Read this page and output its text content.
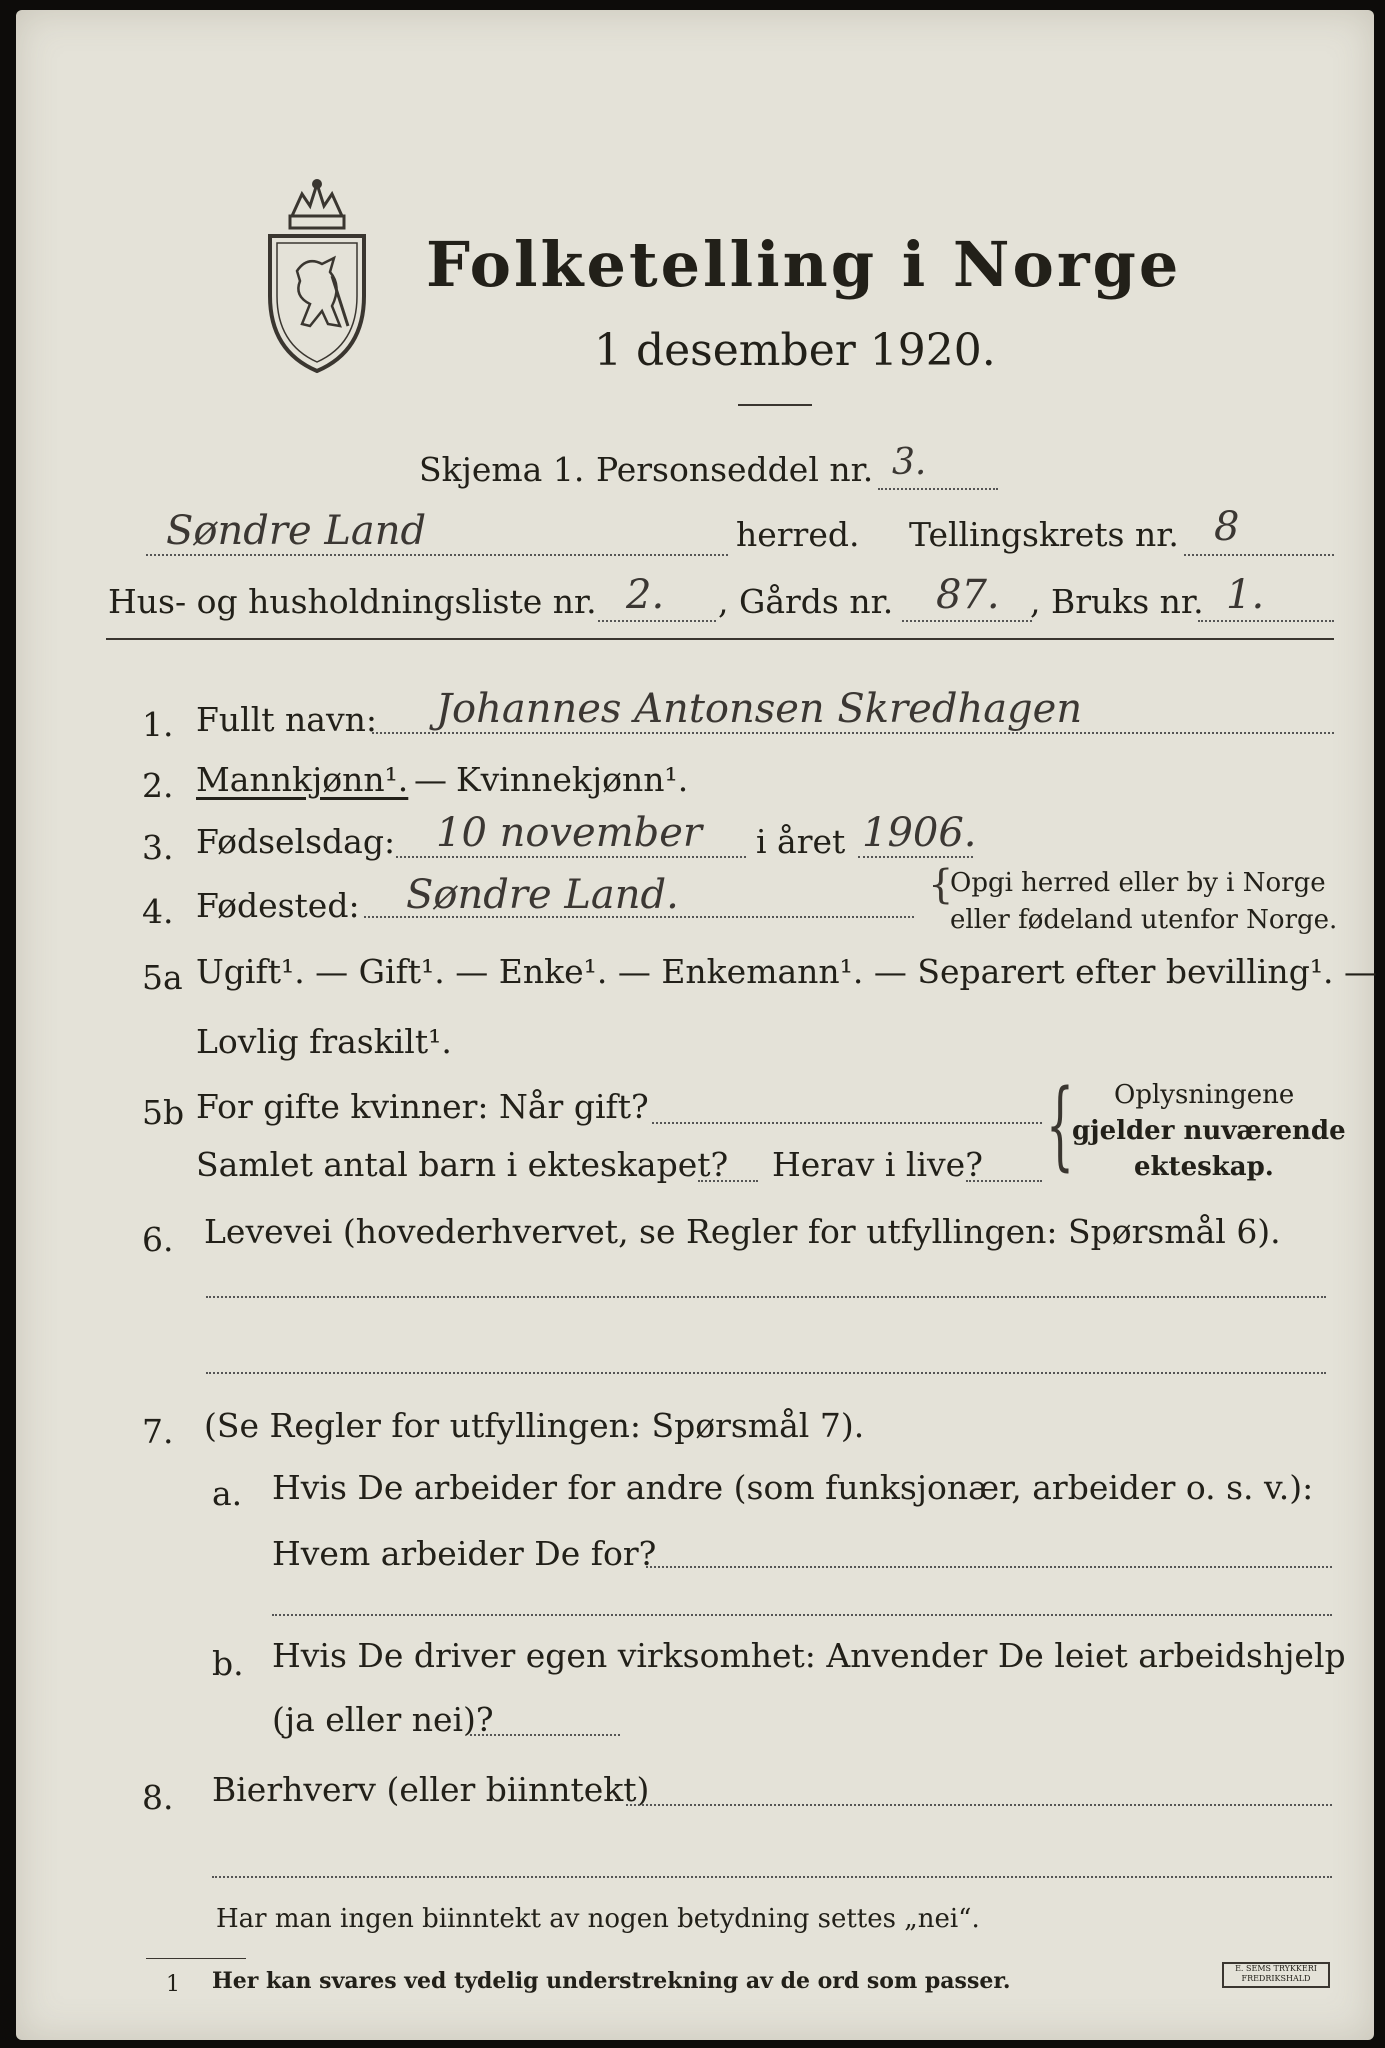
Folketelling i Norge
1 desember 1920.
Skjema 1. Personseddel nr. 3.
Søndre Land	herred. Tellingskrets nr. 8
Hus- og husholdningsliste nr. 2. , Gårds nr. 87. , Bruks nr. 1.
1. Fullt navn: Johannes Antonsen Skredhagen
2. Mannkjønn¹. — Kvinnekjønn¹.
3. Fødselsdag: 10 november i året 1906.
4. Fødested: Søndre Land.	{
Opgi herred eller by i Norge
eller fødeland utenfor Norge.
5a Ugift¹. — Gift¹. — Enke¹. — Enkemann¹. — Separert efter bevilling¹. —
Lovlig fraskilt¹.
5b For gifte kvinner: Når gift?
Samlet antal barn i ekteskapet? Herav i live? { Oplysningene
gjelder nuværende
ekteskap.
6. Levevei (hovederhvervet, se Regler for utfyllingen: Spørsmål 6).
7. (Se Regler for utfyllingen: Spørsmål 7).
a. Hvis De arbeider for andre (som funksjonær, arbeider o. s. v.):
Hvem arbeider De for?
b. Hvis De driver egen virksomhet: Anvender De leiet arbeidshjelp
(ja eller nei)?
8. Bierhverv (eller biinntekt)
Har man ingen biinntekt av nogen betydning settes „nei“.
1 Her kan svares ved tydelig understrekning av de ord som passer.	E. SEMS TRYKKERI
FREDRIKSHALD
